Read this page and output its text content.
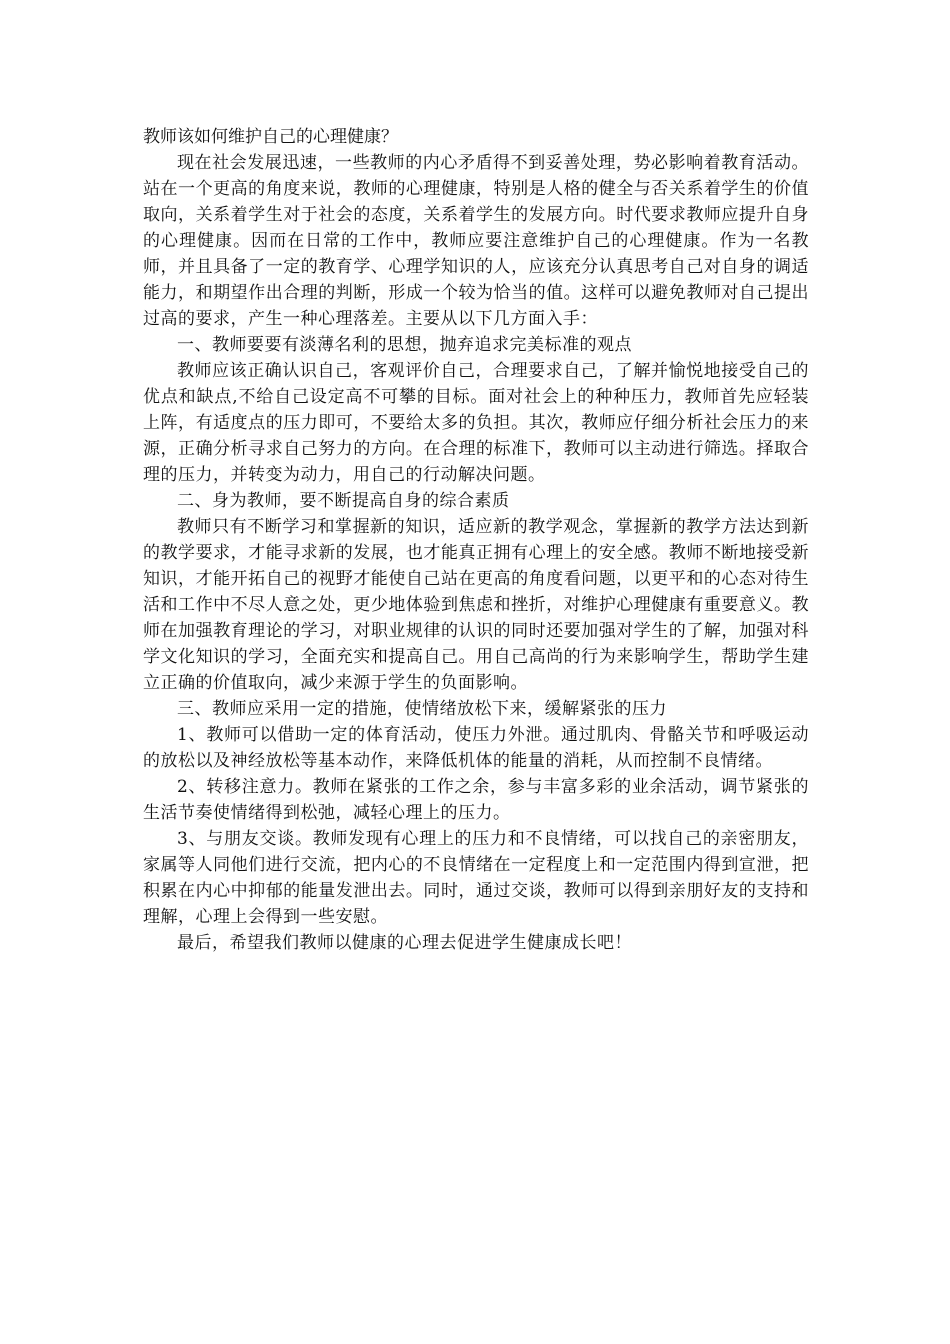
教师该如何维护自己的心理健康？

现在社会发展迅速，一些教师的内心矛盾得不到妥善处理，势必影响着教育活动。站在一个更高的角度来说，教师的心理健康，特别是人格的健全与否关系着学生的价值取向，关系着学生对于社会的态度，关系着学生的发展方向。时代要求教师应提升自身的心理健康。因而在日常的工作中，教师应要注意维护自己的心理健康。作为一名教师，并且具备了一定的教育学、心理学知识的人，应该充分认真思考自己对自身的调适能力，和期望作出合理的判断，形成一个较为恰当的值。这样可以避免教师对自己提出过高的要求，产生一种心理落差。主要从以下几方面入手：

一、教师要要有淡薄名利的思想，抛弃追求完美标准的观点

教师应该正确认识自己，客观评价自己，合理要求自己，了解并愉悦地接受自己的优点和缺点,不给自己设定高不可攀的目标。面对社会上的种种压力，教师首先应轻装上阵，有适度点的压力即可，不要给太多的负担。其次，教师应仔细分析社会压力的来源，正确分析寻求自己努力的方向。在合理的标准下，教师可以主动进行筛选。择取合理的压力，并转变为动力，用自己的行动解决问题。

二、身为教师，要不断提高自身的综合素质

教师只有不断学习和掌握新的知识，适应新的教学观念，掌握新的教学方法达到新的教学要求，才能寻求新的发展，也才能真正拥有心理上的安全感。教师不断地接受新知识，才能开拓自己的视野才能使自己站在更高的角度看问题，以更平和的心态对待生活和工作中不尽人意之处，更少地体验到焦虑和挫折，对维护心理健康有重要意义。教师在加强教育理论的学习，对职业规律的认识的同时还要加强对学生的了解，加强对科学文化知识的学习，全面充实和提高自己。用自己高尚的行为来影响学生，帮助学生建立正确的价值取向，减少来源于学生的负面影响。

三、教师应采用一定的措施，使情绪放松下来，缓解紧张的压力

1、教师可以借助一定的体育活动，使压力外泄。通过肌肉、骨骼关节和呼吸运动的放松以及神经放松等基本动作，来降低机体的能量的消耗，从而控制不良情绪。

2、转移注意力。教师在紧张的工作之余，参与丰富多彩的业余活动，调节紧张的生活节奏使情绪得到松弛，减轻心理上的压力。

3、与朋友交谈。教师发现有心理上的压力和不良情绪，可以找自己的亲密朋友，家属等人同他们进行交流，把内心的不良情绪在一定程度上和一定范围内得到宣泄，把积累在内心中抑郁的能量发泄出去。同时，通过交谈，教师可以得到亲朋好友的支持和理解，心理上会得到一些安慰。

最后，希望我们教师以健康的心理去促进学生健康成长吧！
